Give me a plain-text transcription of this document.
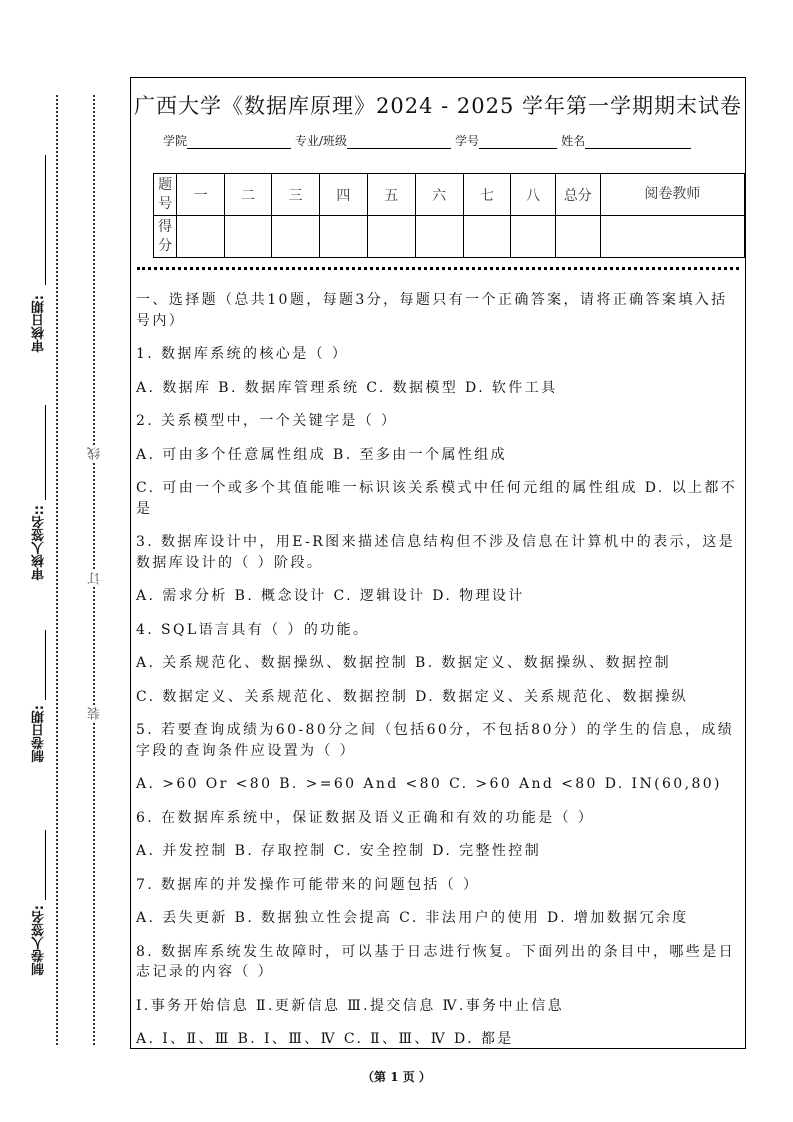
线
订
装
审核日期:
审核人签名::
制卷日期:
制卷人签名:
广西大学《数据库原理》2024 - 2025 学年第一学期期末试卷
学院	专业/班级	学号	姓名
题号	一	二	三	四	五	六	七	八	总分	阅卷教师
得分										

一、选择题（总共10题，每题3分，每题只有一个正确答案，请将正确答案填入括号内）

1. 数据库系统的核心是（ ）

A. 数据库 B. 数据库管理系统 C. 数据模型 D. 软件工具

2. 关系模型中，一个关键字是（ ）

A. 可由多个任意属性组成 B. 至多由一个属性组成

C. 可由一个或多个其值能唯一标识该关系模式中任何元组的属性组成 D. 以上都不是

3. 数据库设计中，用E-R图来描述信息结构但不涉及信息在计算机中的表示，这是数据库设计的（ ）阶段。

A. 需求分析 B. 概念设计 C. 逻辑设计 D. 物理设计

4. SQL语言具有（ ）的功能。

A. 关系规范化、数据操纵、数据控制 B. 数据定义、数据操纵、数据控制

C. 数据定义、关系规范化、数据控制 D. 数据定义、关系规范化、数据操纵

5. 若要查询成绩为60-80分之间（包括60分，不包括80分）的学生的信息，成绩字段的查询条件应设置为（ ）

A. >60 Or <80 B. >=60 And <80 C. >60 And <80 D. IN(60,80)

6. 在数据库系统中，保证数据及语义正确和有效的功能是（ ）

A. 并发控制 B. 存取控制 C. 安全控制 D. 完整性控制

7. 数据库的并发操作可能带来的问题包括（ ）

A. 丢失更新 B. 数据独立性会提高 C. 非法用户的使用 D. 增加数据冗余度

8. 数据库系统发生故障时，可以基于日志进行恢复。下面列出的条目中，哪些是日志记录的内容（ ）

Ⅰ.事务开始信息 Ⅱ.更新信息 Ⅲ.提交信息 Ⅳ.事务中止信息

A. Ⅰ、Ⅱ、Ⅲ B. Ⅰ、Ⅲ、Ⅳ C. Ⅱ、Ⅲ、Ⅳ D. 都是

（第 1 页 ）
